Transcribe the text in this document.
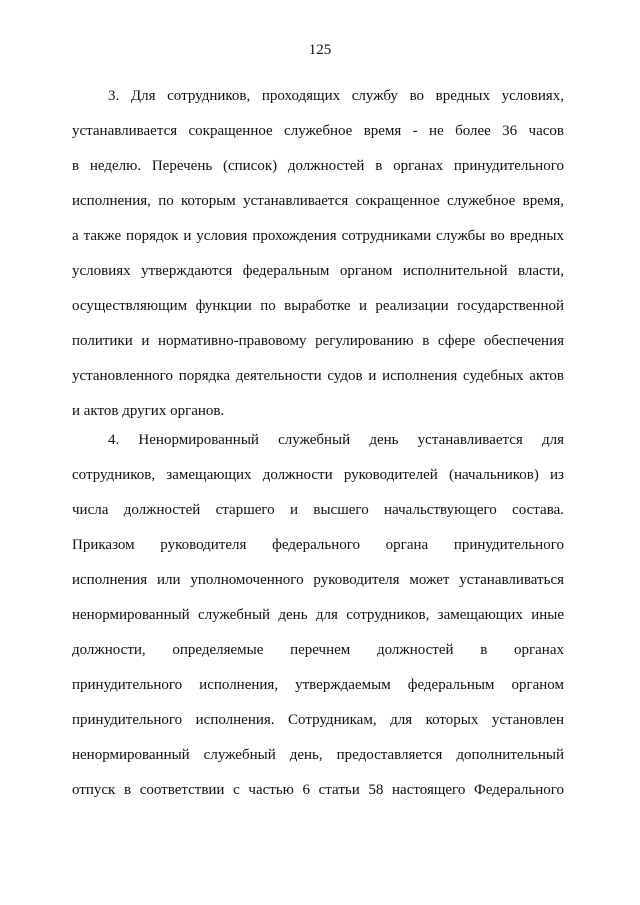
125
3. Для сотрудников, проходящих службу во вредных условиях,
устанавливается сокращенное служебное время - не более 36 часов
в неделю. Перечень (список) должностей в органах принудительного
исполнения, по которым устанавливается сокращенное служебное время,
а также порядок и условия прохождения сотрудниками службы во вредных
условиях утверждаются федеральным органом исполнительной власти,
осуществляющим функции по выработке и реализации государственной
политики и нормативно-правовому регулированию в сфере обеспечения
установленного порядка деятельности судов и исполнения судебных актов
и актов других органов.
4. Ненормированный служебный день устанавливается для
сотрудников, замещающих должности руководителей (начальников) из
числа должностей старшего и высшего начальствующего состава.
Приказом руководителя федерального органа принудительного
исполнения или уполномоченного руководителя может устанавливаться
ненормированный служебный день для сотрудников, замещающих иные
должности, определяемые перечнем должностей в органах
принудительного исполнения, утверждаемым федеральным органом
принудительного исполнения. Сотрудникам, для которых установлен
ненормированный служебный день, предоставляется дополнительный
отпуск в соответствии с частью 6 статьи 58 настоящего Федерального
